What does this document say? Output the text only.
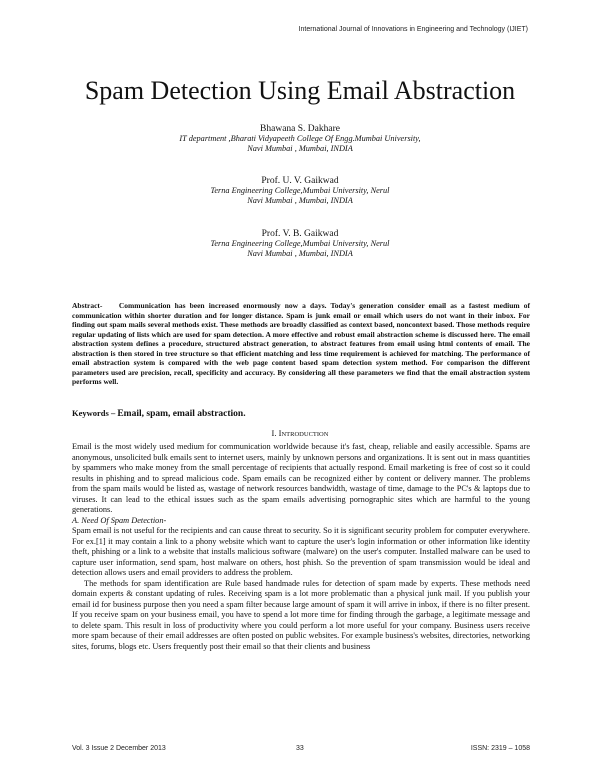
International Journal of Innovations in Engineering and Technology (IJIET)
Spam Detection Using Email Abstraction
Bhawana S. Dakhare
IT department ,Bharati Vidyapeeth College Of Engg.Mumbai University,
Navi Mumbai , Mumbai, INDIA
Prof. U. V. Gaikwad
Terna Engineering College,Mumbai University, Nerul
Navi Mumbai , Mumbai, INDIA
Prof. V. B. Gaikwad
Terna Engineering College,Mumbai University, Nerul
Navi Mumbai , Mumbai, INDIA

Abstract- Communication has been increased enormously now a days. Today's generation consider email as a fastest medium of communication within shorter duration and for longer distance. Spam is junk email or email which users do not want in their inbox. For finding out spam mails several methods exist. These methods are broadly classified as context based, noncontext based. Those methods require regular updating of lists which are used for spam detection. A more effective and robust email abstraction scheme is discussed here. The email abstraction system defines a procedure, structured abstract generation, to abstract features from email using html contents of email. The abstraction is then stored in tree structure so that efficient matching and less time requirement is achieved for matching. The performance of email abstraction system is compared with the web page content based spam detection system method. For comparison the different parameters used are precision, recall, specificity and accuracy. By considering all these parameters we find that the email abstraction system performs well.

Keywords – Email, spam, email abstraction.

I. INTRODUCTION

Email is the most widely used medium for communication worldwide because it's fast, cheap, reliable and easily accessible. Spams are anonymous, unsolicited bulk emails sent to internet users, mainly by unknown persons and organizations. It is sent out in mass quantities by spammers who make money from the small percentage of recipients that actually respond. Email marketing is free of cost so it could results in phishing and to spread malicious code. Spam emails can be recognized either by content or delivery manner. The problems from the spam mails would be listed as, wastage of network resources bandwidth, wastage of time, damage to the PC's & laptops due to viruses. It can lead to the ethical issues such as the spam emails advertising pornographic sites which are harmful to the young generations.

A. Need Of Spam Detection-

Spam email is not useful for the recipients and can cause threat to security. So it is significant security problem for computer everywhere. For ex.[1] it may contain a link to a phony website which want to capture the user's login information or other information like identity theft, phishing or a link to a website that installs malicious software (malware) on the user's computer. Installed malware can be used to capture user information, send spam, host malware on others, host phish. So the prevention of spam transmission would be ideal and detection allows users and email providers to address the problem.

The methods for spam identification are Rule based handmade rules for detection of spam made by experts. These methods need domain experts & constant updating of rules. Receiving spam is a lot more problematic than a physical junk mail. If you publish your email id for business purpose then you need a spam filter because large amount of spam it will arrive in inbox, if there is no filter present. If you receive spam on your business email, you have to spend a lot more time for finding through the garbage, a legitimate message and to delete spam. This result in loss of productivity where you could perform a lot more useful for your company. Business users receive more spam because of their email addresses are often posted on public websites. For example business's websites, directories, networking sites, forums, blogs etc. Users frequently post their email so that their clients and business

Vol. 3 Issue 2 December 2013	33	ISSN: 2319 – 1058
